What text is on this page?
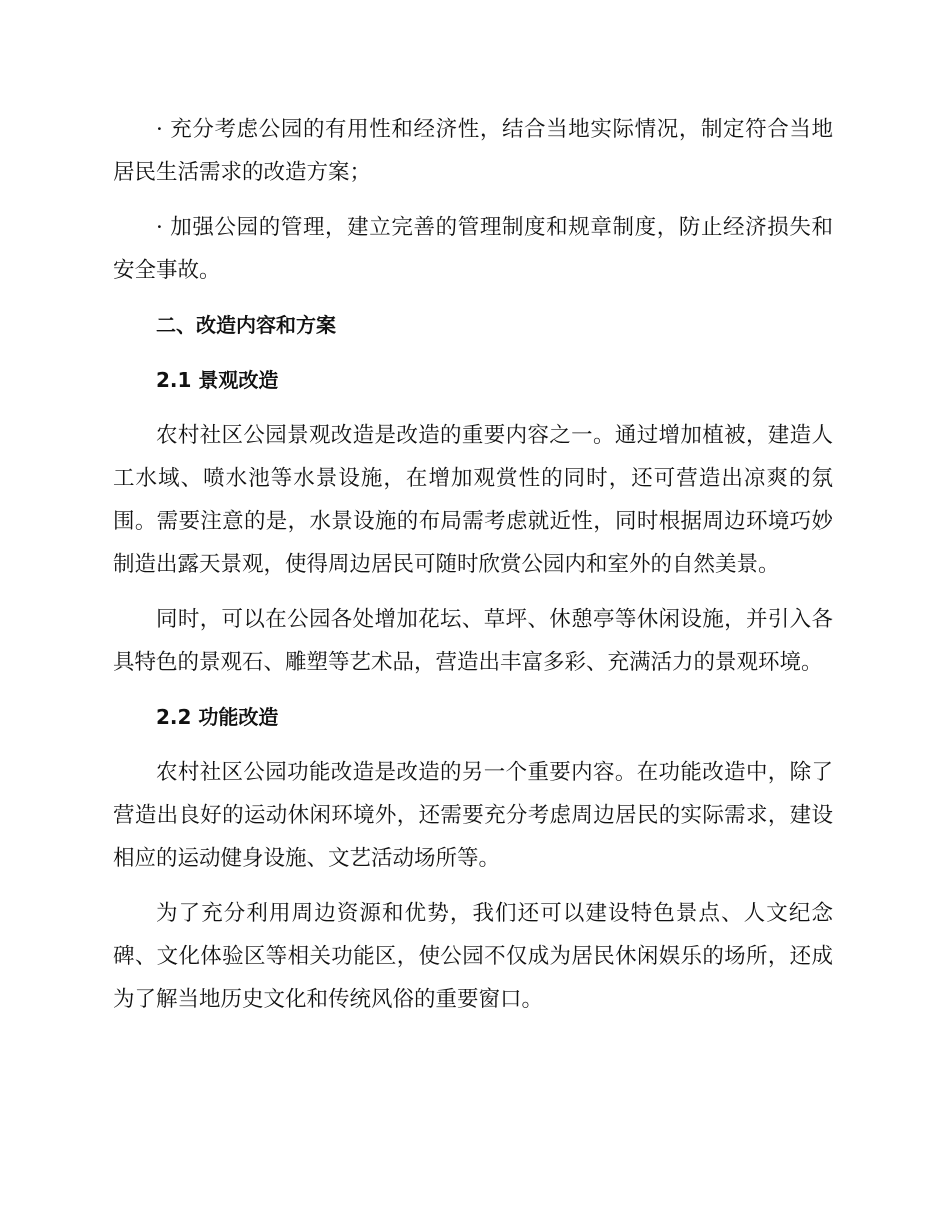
· 充分考虑公园的有用性和经济性，结合当地实际情况，制定符合当地居民生活需求的改造方案；

· 加强公园的管理，建立完善的管理制度和规章制度，防止经济损失和安全事故。

二、改造内容和方案
2.1 景观改造

农村社区公园景观改造是改造的重要内容之一。通过增加植被，建造人工水域、喷水池等水景设施，在增加观赏性的同时，还可营造出凉爽的氛围。需要注意的是，水景设施的布局需考虑就近性，同时根据周边环境巧妙制造出露天景观，使得周边居民可随时欣赏公园内和室外的自然美景。

同时，可以在公园各处增加花坛、草坪、休憩亭等休闲设施，并引入各具特色的景观石、雕塑等艺术品，营造出丰富多彩、充满活力的景观环境。

2.2 功能改造

农村社区公园功能改造是改造的另一个重要内容。在功能改造中，除了营造出良好的运动休闲环境外，还需要充分考虑周边居民的实际需求，建设相应的运动健身设施、文艺活动场所等。

为了充分利用周边资源和优势，我们还可以建设特色景点、人文纪念碑、文化体验区等相关功能区，使公园不仅成为居民休闲娱乐的场所，还成为了解当地历史文化和传统风俗的重要窗口。
